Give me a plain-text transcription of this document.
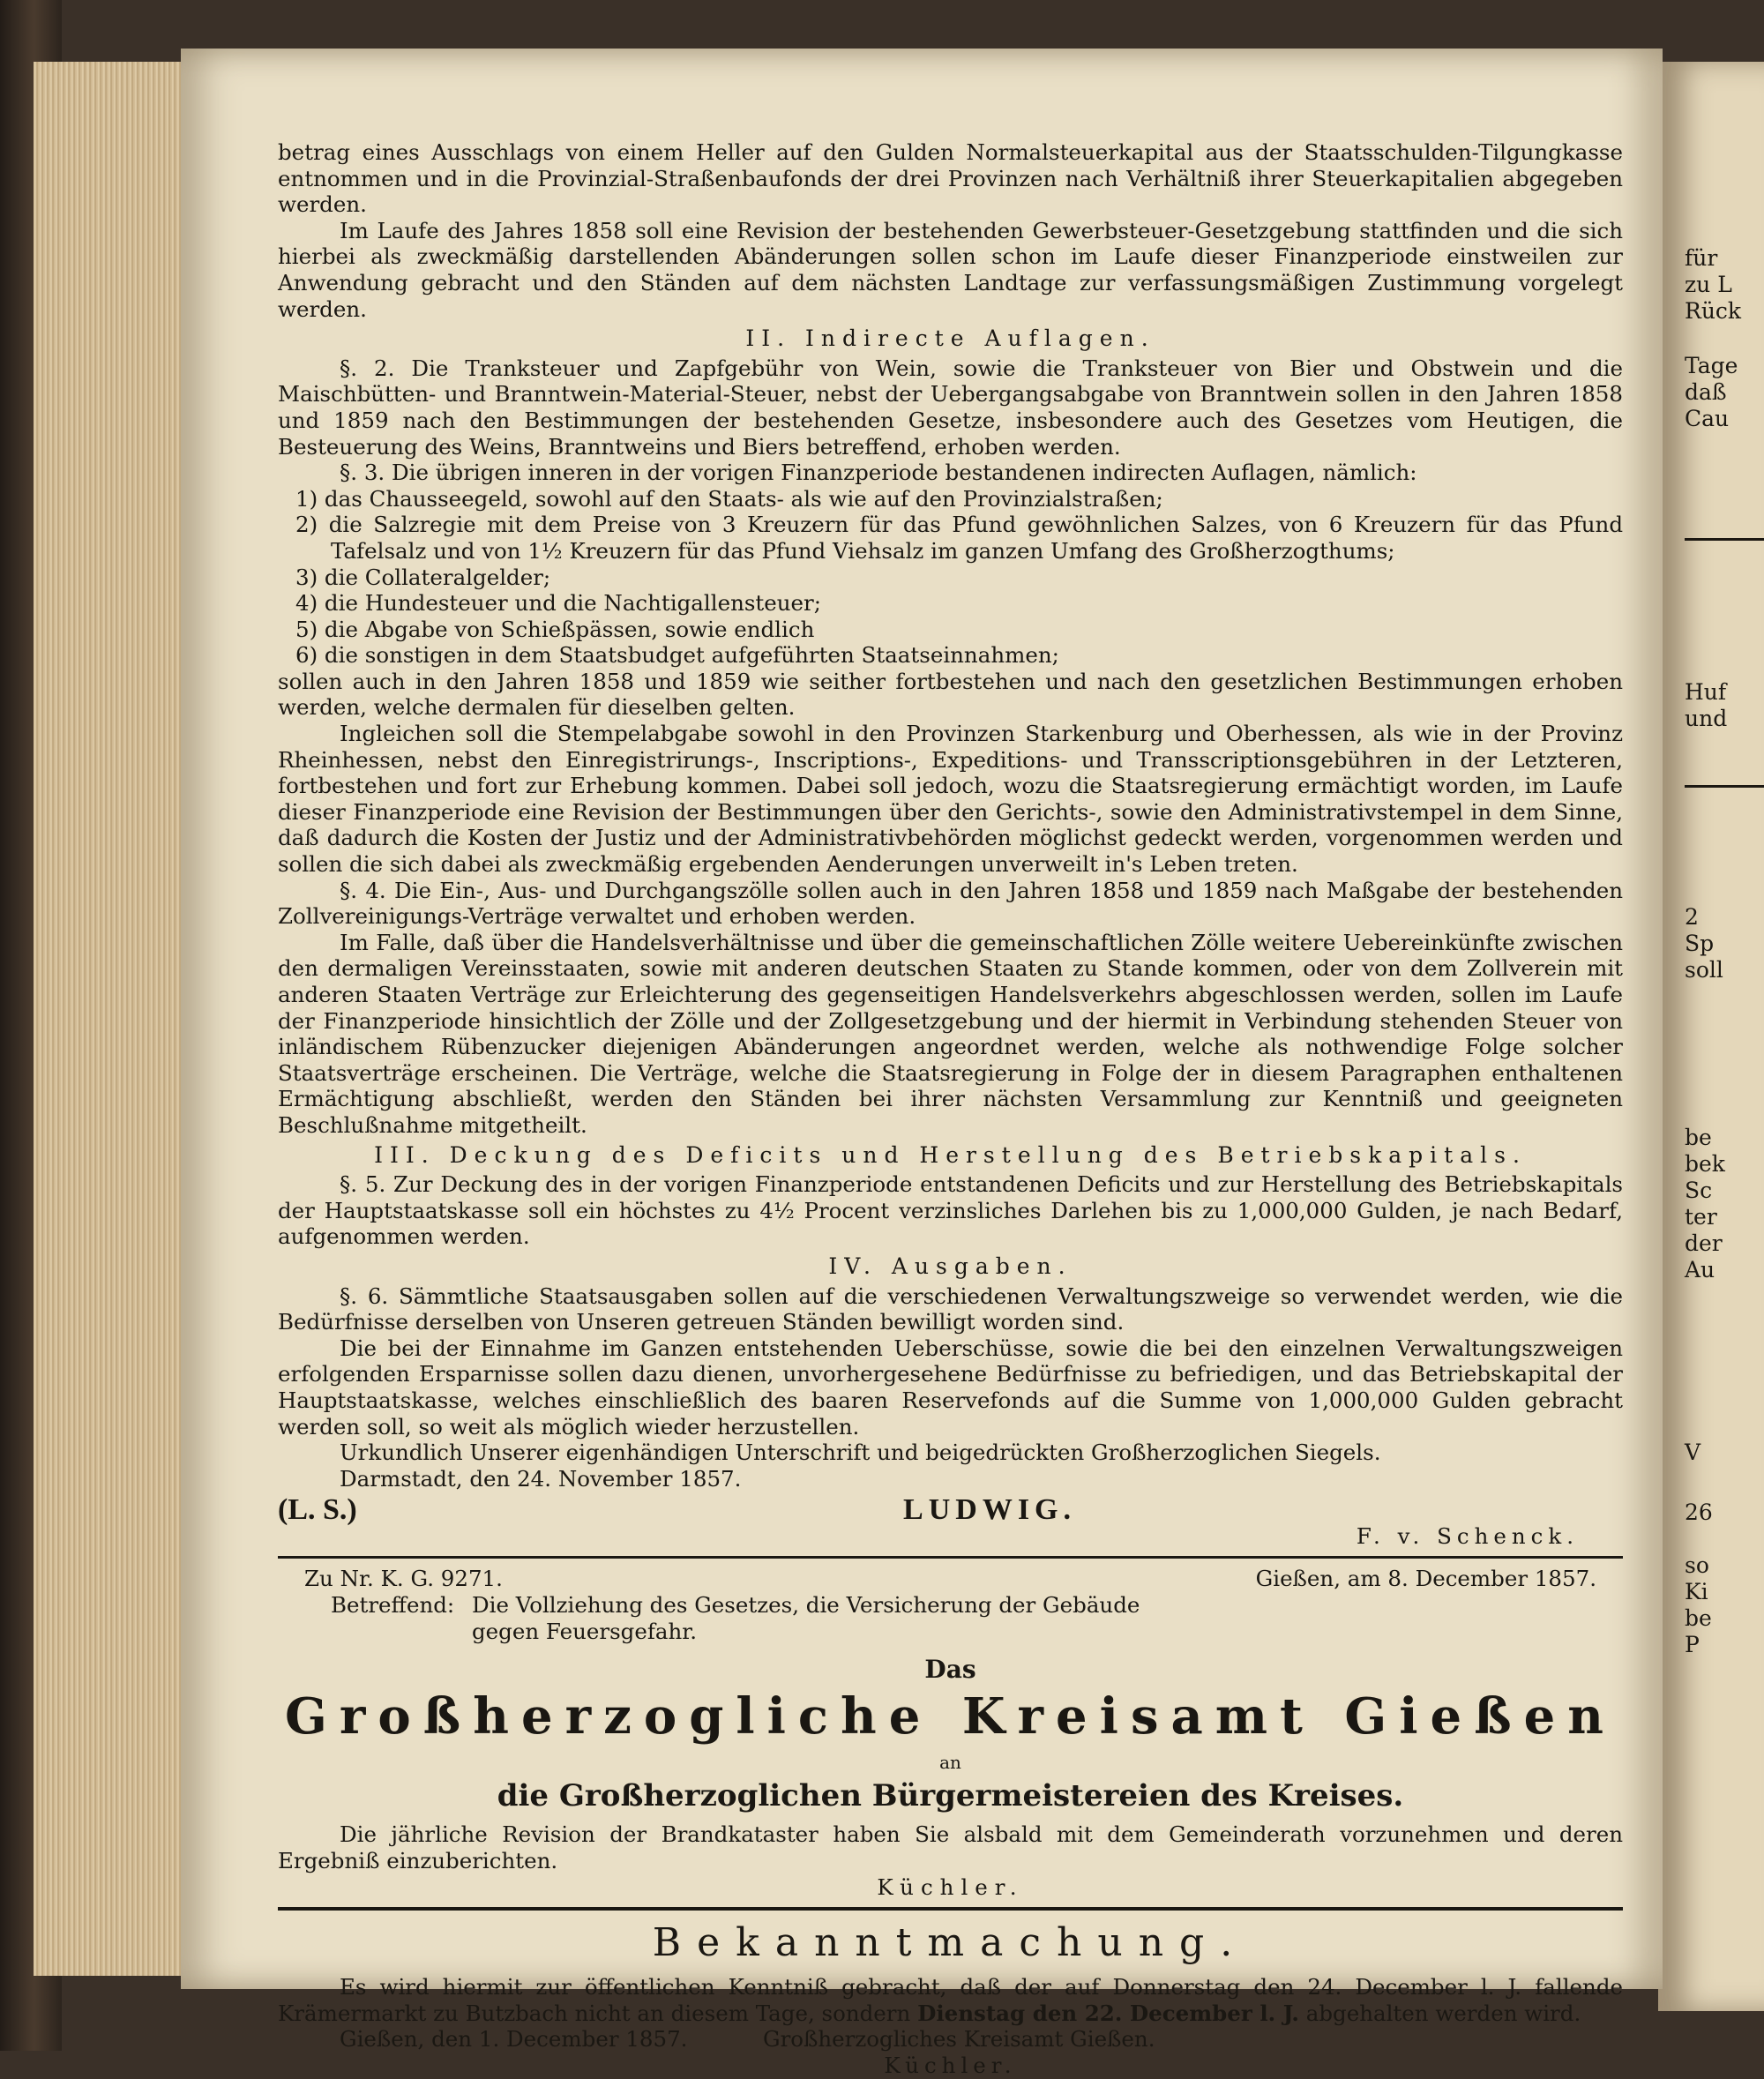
für
zu L
Rück
Tage
daß
Cau
Huf
und
2
Sp
soll
be
bek
Sc
ter
der
Au
V
26
so
Ki
be
P

betrag eines Ausschlags von einem Heller auf den Gulden Normalsteuerkapital aus der Staatsschulden-Tilgungkasse entnommen und in die Provinzial-Straßenbaufonds der drei Provinzen nach Verhältniß ihrer Steuerkapitalien abgegeben werden.

Im Laufe des Jahres 1858 soll eine Revision der bestehenden Gewerbsteuer-Gesetzgebung stattfinden und die sich hierbei als zweckmäßig darstellenden Abänderungen sollen schon im Laufe dieser Finanzperiode einstweilen zur Anwendung gebracht und den Ständen auf dem nächsten Landtage zur verfassungsmäßigen Zustimmung vorgelegt werden.

II. Indirecte Auflagen.

§. 2. Die Tranksteuer und Zapfgebühr von Wein, sowie die Tranksteuer von Bier und Obstwein und die Maischbütten- und Branntwein-Material-Steuer, nebst der Uebergangsabgabe von Branntwein sollen in den Jahren 1858 und 1859 nach den Bestimmungen der bestehenden Gesetze, insbesondere auch des Gesetzes vom Heutigen, die Besteuerung des Weins, Branntweins und Biers betreffend, erhoben werden.

§. 3. Die übrigen inneren in der vorigen Finanzperiode bestandenen indirecten Auflagen, nämlich:

1) das Chausseegeld, sowohl auf den Staats- als wie auf den Provinzialstraßen;

2) die Salzregie mit dem Preise von 3 Kreuzern für das Pfund gewöhnlichen Salzes, von 6 Kreuzern für das Pfund Tafelsalz und von 1½ Kreuzern für das Pfund Viehsalz im ganzen Umfang des Großherzogthums;

3) die Collateralgelder;

4) die Hundesteuer und die Nachtigallensteuer;

5) die Abgabe von Schießpässen, sowie endlich

6) die sonstigen in dem Staatsbudget aufgeführten Staatseinnahmen;

sollen auch in den Jahren 1858 und 1859 wie seither fortbestehen und nach den gesetzlichen Bestimmungen erhoben werden, welche dermalen für dieselben gelten.

Ingleichen soll die Stempelabgabe sowohl in den Provinzen Starkenburg und Oberhessen, als wie in der Provinz Rheinhessen, nebst den Einregistrirungs-, Inscriptions-, Expeditions- und Transscriptionsgebühren in der Letzteren, fortbestehen und fort zur Erhebung kommen. Dabei soll jedoch, wozu die Staatsregierung ermächtigt worden, im Laufe dieser Finanzperiode eine Revision der Bestimmungen über den Gerichts-, sowie den Administrativstempel in dem Sinne, daß dadurch die Kosten der Justiz und der Administrativbehörden möglichst gedeckt werden, vorgenommen werden und sollen die sich dabei als zweckmäßig ergebenden Aenderungen unverweilt in's Leben treten.

§. 4. Die Ein-, Aus- und Durchgangszölle sollen auch in den Jahren 1858 und 1859 nach Maßgabe der bestehenden Zollvereinigungs-Verträge verwaltet und erhoben werden.

Im Falle, daß über die Handelsverhältnisse und über die gemeinschaftlichen Zölle weitere Uebereinkünfte zwischen den dermaligen Vereinsstaaten, sowie mit anderen deutschen Staaten zu Stande kommen, oder von dem Zollverein mit anderen Staaten Verträge zur Erleichterung des gegenseitigen Handelsverkehrs abgeschlossen werden, sollen im Laufe der Finanzperiode hinsichtlich der Zölle und der Zollgesetzgebung und der hiermit in Verbindung stehenden Steuer von inländischem Rübenzucker diejenigen Abänderungen angeordnet werden, welche als nothwendige Folge solcher Staatsverträge erscheinen. Die Verträge, welche die Staatsregierung in Folge der in diesem Paragraphen enthaltenen Ermächtigung abschließt, werden den Ständen bei ihrer nächsten Versammlung zur Kenntniß und geeigneten Beschlußnahme mitgetheilt.

III. Deckung des Deficits und Herstellung des Betriebskapitals.

§. 5. Zur Deckung des in der vorigen Finanzperiode entstandenen Deficits und zur Herstellung des Betriebskapitals der Hauptstaatskasse soll ein höchstes zu 4½ Procent verzinsliches Darlehen bis zu 1,000,000 Gulden, je nach Bedarf, aufgenommen werden.

IV. Ausgaben.

§. 6. Sämmtliche Staatsausgaben sollen auf die verschiedenen Verwaltungszweige so verwendet werden, wie die Bedürfnisse derselben von Unseren getreuen Ständen bewilligt worden sind.

Die bei der Einnahme im Ganzen entstehenden Ueberschüsse, sowie die bei den einzelnen Verwaltungszweigen erfolgenden Ersparnisse sollen dazu dienen, unvorhergesehene Bedürfnisse zu befriedigen, und das Betriebskapital der Hauptstaatskasse, welches einschließlich des baaren Reservefonds auf die Summe von 1,000,000 Gulden gebracht werden soll, so weit als möglich wieder herzustellen.

Urkundlich Unserer eigenhändigen Unterschrift und beigedrückten Großherzoglichen Siegels.

Darmstadt, den 24. November 1857.

(L. S.)	LUDWIG.
F. v. Schenck.
Zu Nr. K. G. 9271.	Gießen, am 8. December 1857.
Betreffend: Die Vollziehung des Gesetzes, die Versicherung der Gebäude gegen Feuersgefahr.
Das
Großherzogliche Kreisamt Gießen
an
die Großherzoglichen Bürgermeistereien des Kreises.

Die jährliche Revision der Brandkataster haben Sie alsbald mit dem Gemeinderath vorzunehmen und deren Ergebniß einzuberichten.

Küchler.
Bekanntmachung.

Es wird hiermit zur öffentlichen Kenntniß gebracht, daß der auf Donnerstag den 24. December l. J. fallende Krämermarkt zu Butzbach nicht an diesem Tage, sondern Dienstag den 22. December l. J. abgehalten werden wird.

Gießen, den 1. December 1857.	Großherzogliches Kreisamt Gießen.
Küchler.
